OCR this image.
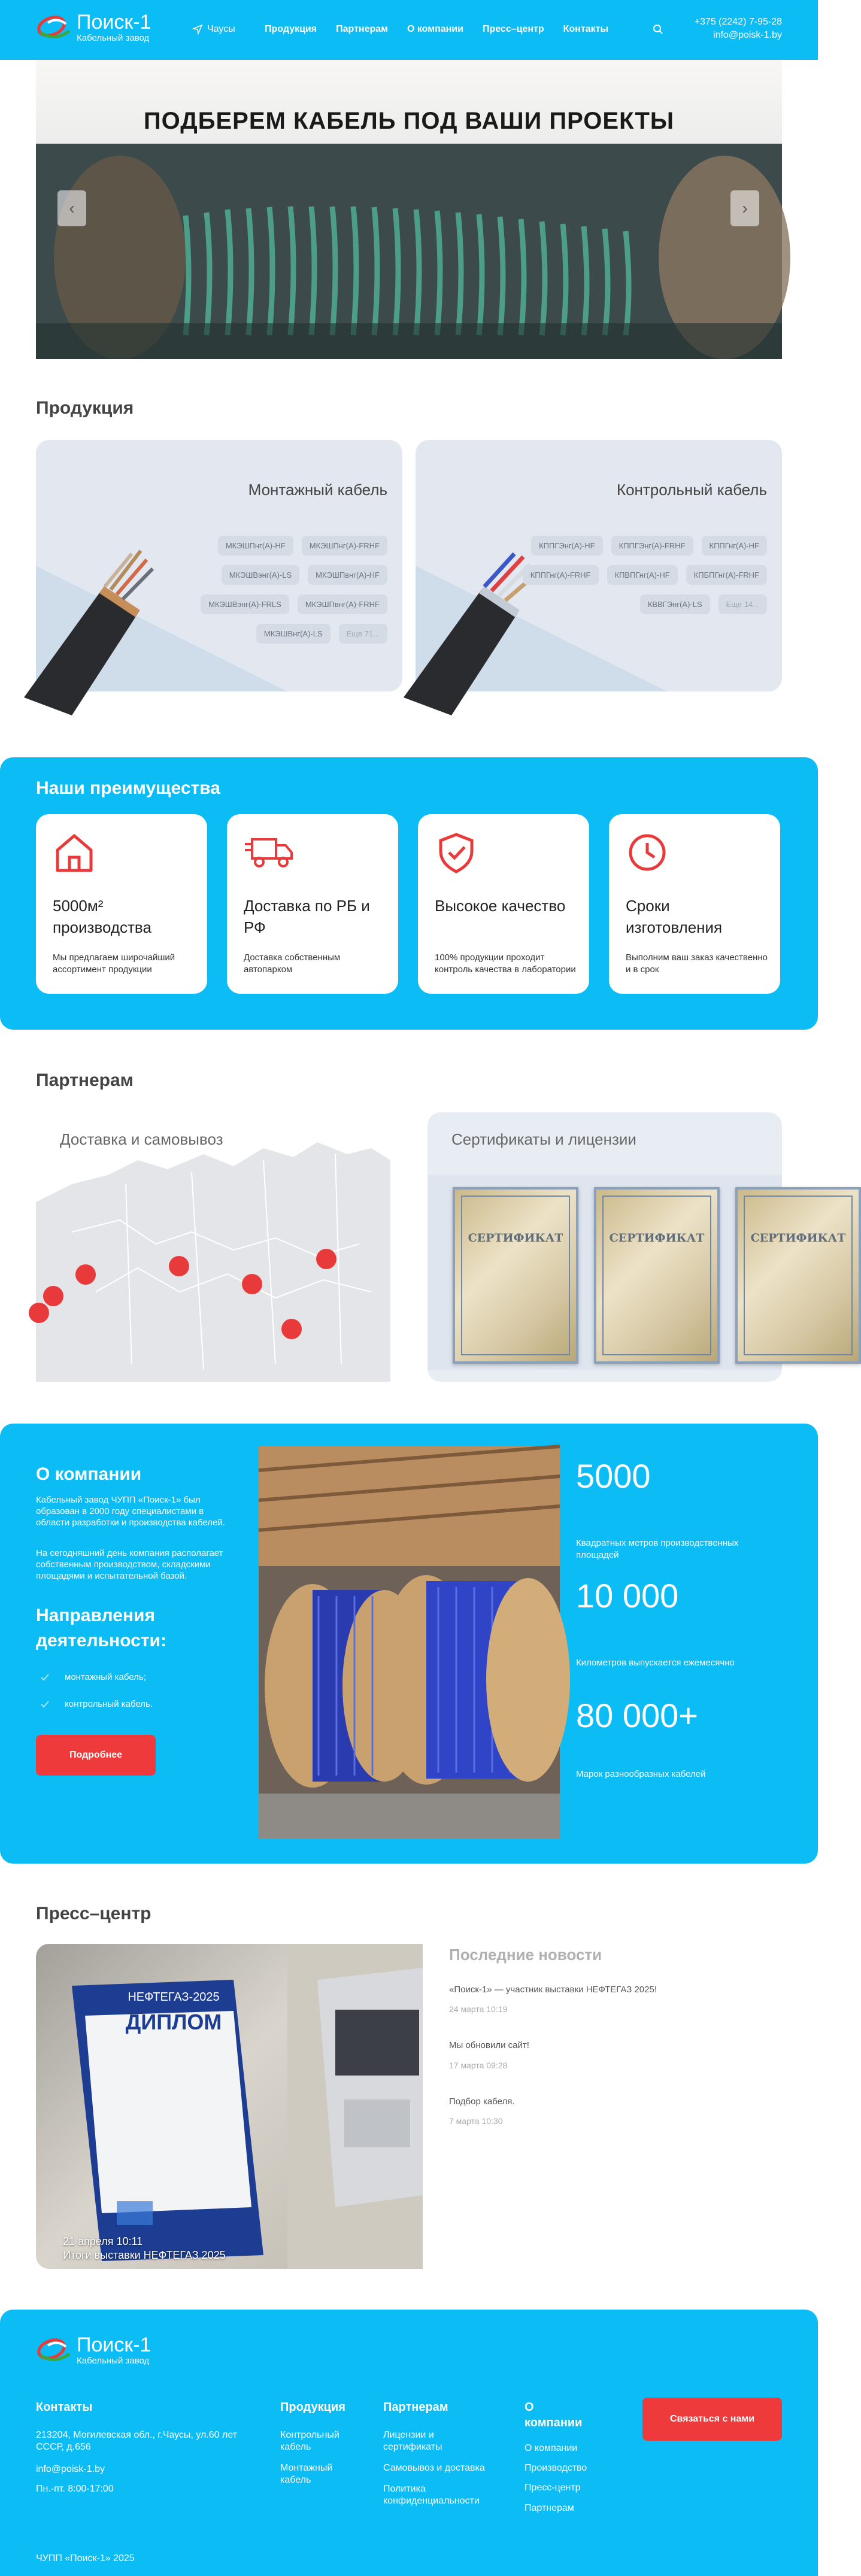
Поиск-1
Кабельный завод
Чаусы	Продукция Партнерам О компании Пресс–центр Контакты
+375 (2242) 7-95-28
info@poisk-1.by
ПОДБЕРЕМ КАБЕЛЬ ПОД ВАШИ ПРОЕКТЫ
‹	›
Продукция
Монтажный кабель
МКЭШПнг(А)-HF	МКЭШПнг(А)-FRHF
МКЭШВэнг(А)-LS	МКЭШПвнг(А)-HF
МКЭШВэнг(А)-FRLS	МКЭШПвнг(А)-FRHF
МКЭШВнг(А)-LS	Еще 71...
Контрольный кабель
КППГЭнг(А)-HF	КППГЭнг(А)-FRHF	КППГнг(А)-HF
КППГнг(А)-FRHF	КПВПГнг(А)-HF	КПБПГнг(А)-FRHF
КВВГЭнг(А)-LS	Еще 14...
Наши преимущества
5000м² производства
Мы предлагаем широчайший ассортимент продукции
Доставка по РБ и РФ
Доставка собственным автопарком
Высокое качество
100% продукции проходит контроль качества в лаборатории
Сроки изготовления
Выполним ваш заказ качественно и в срок
Партнерам
Доставка и самовывоз	Сертификаты и лицензии
СЕРТИФИКАТ	СЕРТИФИКАТ	СЕРТИФИКАТ
О компании
Кабельный завод ЧУПП «Поиск-1» был образован в 2000 году специалистами в области разработки и производства кабелей.
На сегодняшний день компания располагает собственным производством, складскими площадями и испытательной базой.
Направления деятельности:
монтажный кабель;
контрольный кабель.
Подробнее
5000
Квадратных метров производственных площадей
10 000
Километров выпускается ежемесячно
80 000+
Марок разнообразных кабелей
Пресс–центр
НЕФТЕГАЗ-2025
ДИПЛОМ
Итоги выставки НЕФТЕГАЗ 2025
21 апреля 10:11
Последние новости
«Поиск-1» — участник выставки НЕФТЕГАЗ 2025!
24 марта 10:19
Мы обновили сайт!
17 марта 09:28
Подбор кабеля.
7 марта 10:30
Поиск-1
Кабельный завод
Контакты
213204, Могилевская обл., г.Чаусы, ул.60 лет СССР, д.656
info@poisk-1.by
Пн.-пт. 8:00-17:00
Продукция
Контрольный кабель
Монтажный кабель
Партнерам
Лицензии и сертификаты
Самовывоз и доставка
Политика конфиденциальности
О компании
О компании
Производство
Пресс-центр
Партнерам
Связаться с нами
ЧУПП «Поиск-1» 2025
